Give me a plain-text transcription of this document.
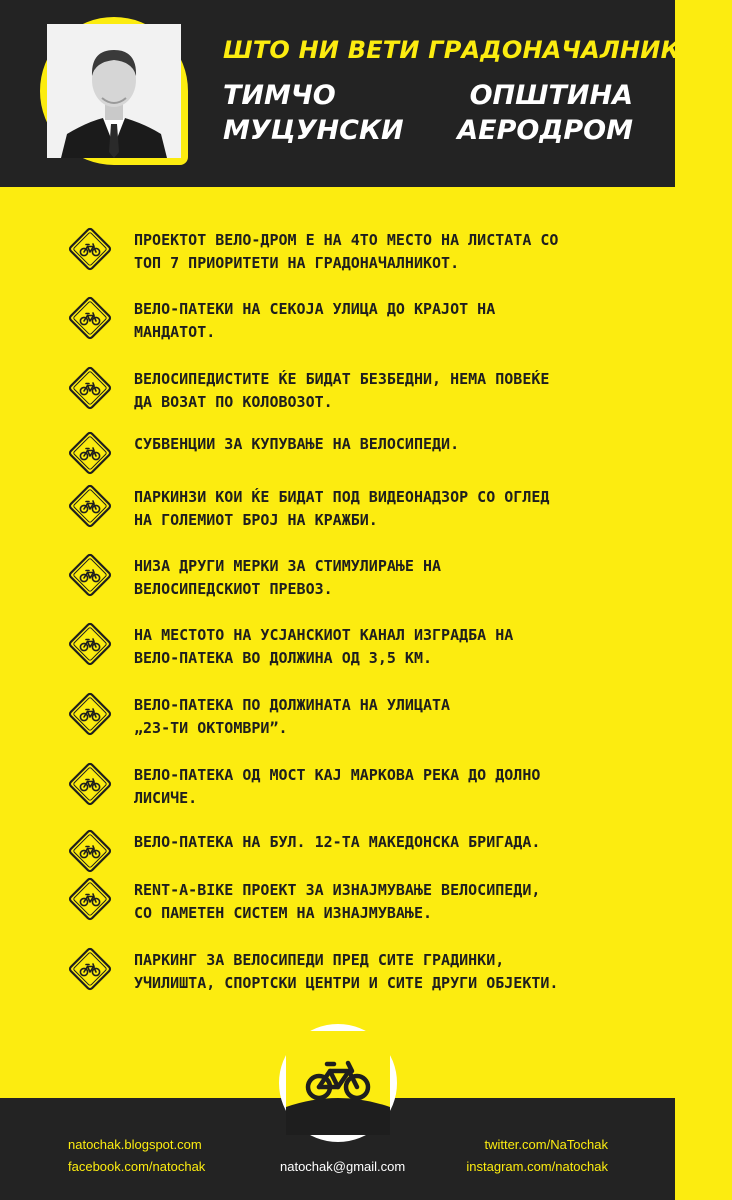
ШТО НИ ВЕТИ ГРАДОНАЧАЛНИКОТ?
ТИМЧО
МУЦУНСКИ
ОПШТИНА
АЕРОДРОМ
ПРОЕКТОТ ВЕЛО-ДРОМ Е НА 4ТО МЕСТО НА ЛИСТАТА СО
ТОП 7 ПРИОРИТЕТИ НА ГРАДОНАЧАЛНИКОТ.
ВЕЛО-ПАТЕКИ НА СЕКОЈА УЛИЦА ДО КРАЈОТ НА
МАНДАТОТ.
ВЕЛОСИПЕДИСТИТЕ ЌЕ БИДАТ БЕЗБЕДНИ, НЕМА ПОВЕЌЕ
ДА ВОЗАТ ПО КОЛОВОЗОТ.
СУБВЕНЦИИ ЗА КУПУВАЊЕ НА ВЕЛОСИПЕДИ.
ПАРКИНЗИ КОИ ЌЕ БИДАТ ПОД ВИДЕОНАДЗОР СО ОГЛЕД
НА ГОЛЕМИОТ БРОЈ НА КРАЖБИ.
НИЗА ДРУГИ МЕРКИ ЗА СТИМУЛИРАЊЕ НА
ВЕЛОСИПЕДСКИОТ ПРЕВОЗ.
НА МЕСТОТО НА УСЈАНСКИОТ КАНАЛ ИЗГРАДБА НА
ВЕЛО-ПАТЕКА ВО ДОЛЖИНА ОД 3,5 КМ.
ВЕЛО-ПАТЕКА ПО ДОЛЖИНАТА НА УЛИЦАТА
„23-ТИ ОКТОМВРИ”.
ВЕЛО-ПАТЕКА ОД МОСТ КАЈ МАРКОВА РЕКА ДО ДОЛНО
ЛИСИЧЕ.
ВЕЛО-ПАТЕКА НА БУЛ. 12-ТА МАКЕДОНСКА БРИГАДА.
RENT-A-BIKE ПРОЕКТ ЗА ИЗНАЈМУВАЊЕ ВЕЛОСИПЕДИ,
СО ПАМЕТЕН СИСТЕМ НА ИЗНАЈМУВАЊЕ.
ПАРКИНГ ЗА ВЕЛОСИПЕДИ ПРЕД СИТЕ ГРАДИНКИ,
УЧИЛИШТА, СПОРТСКИ ЦЕНТРИ И СИТЕ ДРУГИ ОБЈЕКТИ.
natochak.blogspot.com
facebook.com/natochak	natochak@gmail.com
twitter.com/NaTochak
instagram.com/natochak
